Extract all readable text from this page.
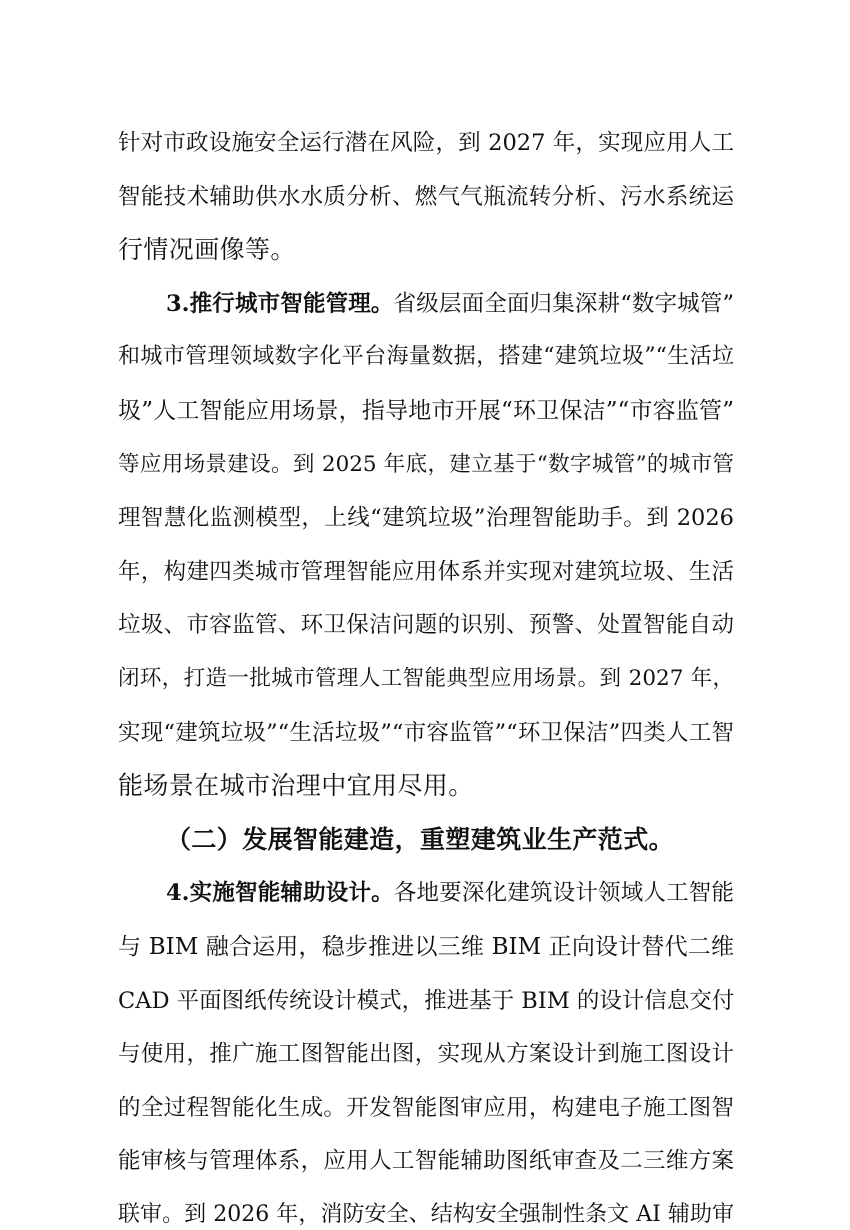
针对市政设施安全运行潜在风险，到 2027 年，实现应用人工
智能技术辅助供水水质分析、燃气气瓶流转分析、污水系统运
行情况画像等。
3.推行城市智能管理。省级层面全面归集深耕“数字城管”
和城市管理领域数字化平台海量数据，搭建“建筑垃圾”“生活垃
圾”人工智能应用场景，指导地市开展“环卫保洁”“市容监管”
等应用场景建设。到 2025 年底，建立基于“数字城管”的城市管
理智慧化监测模型，上线“建筑垃圾”治理智能助手。到 2026
年，构建四类城市管理智能应用体系并实现对建筑垃圾、生活
垃圾、市容监管、环卫保洁问题的识别、预警、处置智能自动
闭环，打造一批城市管理人工智能典型应用场景。到 2027 年，
实现“建筑垃圾”“生活垃圾”“市容监管”“环卫保洁”四类人工智
能场景在城市治理中宜用尽用。
（二）发展智能建造，重塑建筑业生产范式。
4.实施智能辅助设计。各地要深化建筑设计领域人工智能
与 BIM 融合运用，稳步推进以三维 BIM 正向设计替代二维
CAD 平面图纸传统设计模式，推进基于 BIM 的设计信息交付
与使用，推广施工图智能出图，实现从方案设计到施工图设计
的全过程智能化生成。开发智能图审应用，构建电子施工图智
能审核与管理体系，应用人工智能辅助图纸审查及二三维方案
联审。到 2026 年，消防安全、结构安全强制性条文 AI 辅助审
